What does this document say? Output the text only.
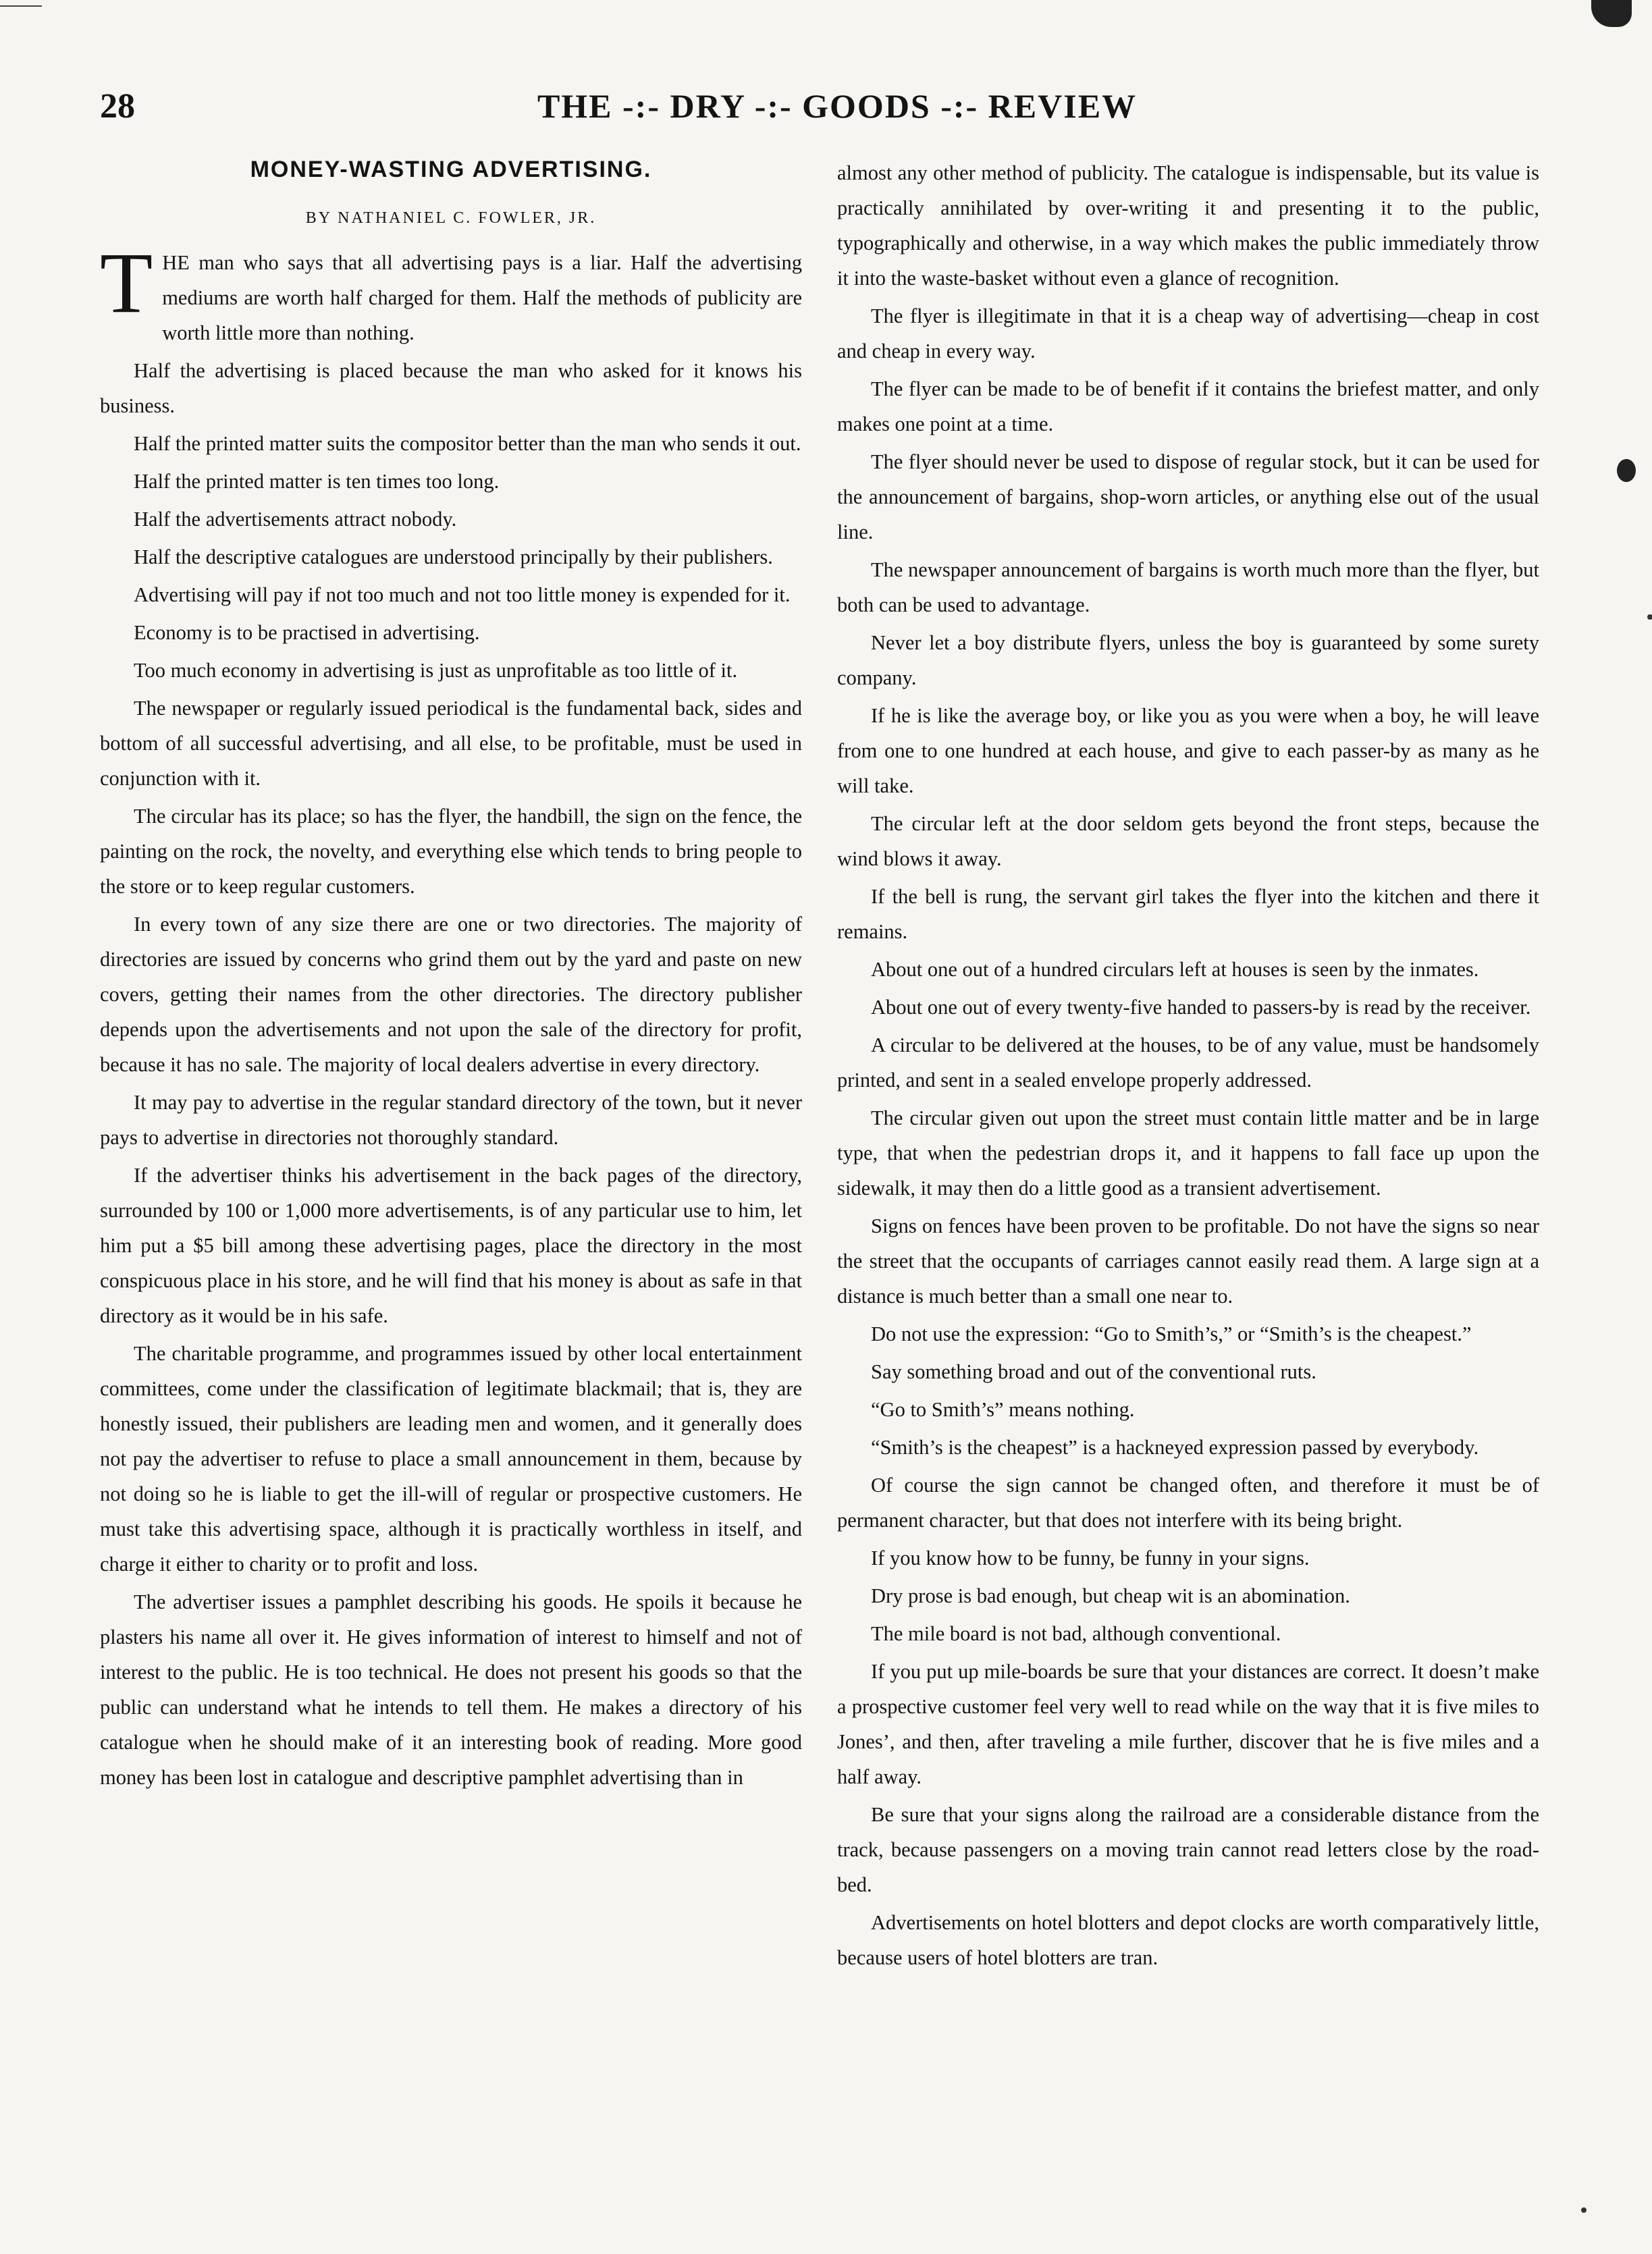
28	THE -:- DRY -:- GOODS -:- REVIEW
MONEY-WASTING ADVERTISING.
BY NATHANIEL C. FOWLER, JR.

THE man who says that all advertising pays is a liar. Half the advertising mediums are worth half charged for them. Half the methods of publicity are worth little more than nothing.

Half the advertising is placed because the man who asked for it knows his business.

Half the printed matter suits the compositor better than the man who sends it out.

Half the printed matter is ten times too long.

Half the advertisements attract nobody.

Half the descriptive catalogues are understood principally by their publishers.

Advertising will pay if not too much and not too little money is expended for it.

Economy is to be practised in advertising.

Too much economy in advertising is just as unprofitable as too little of it.

The newspaper or regularly issued periodical is the fundamental back, sides and bottom of all successful advertising, and all else, to be profitable, must be used in conjunction with it.

The circular has its place; so has the flyer, the handbill, the sign on the fence, the painting on the rock, the novelty, and everything else which tends to bring people to the store or to keep regular customers.

In every town of any size there are one or two directories. The majority of directories are issued by concerns who grind them out by the yard and paste on new covers, getting their names from the other directories. The directory publisher depends upon the advertisements and not upon the sale of the directory for profit, because it has no sale. The majority of local dealers advertise in every directory.

It may pay to advertise in the regular standard directory of the town, but it never pays to advertise in directories not thoroughly standard.

If the advertiser thinks his advertisement in the back pages of the directory, surrounded by 100 or 1,000 more advertisements, is of any particular use to him, let him put a $5 bill among these advertising pages, place the directory in the most conspicuous place in his store, and he will find that his money is about as safe in that directory as it would be in his safe.

The charitable programme, and programmes issued by other local entertainment committees, come under the classification of legitimate blackmail; that is, they are honestly issued, their publishers are leading men and women, and it generally does not pay the advertiser to refuse to place a small announcement in them, because by not doing so he is liable to get the ill-will of regular or prospective customers. He must take this advertising space, although it is practically worthless in itself, and charge it either to charity or to profit and loss.

The advertiser issues a pamphlet describing his goods. He spoils it because he plasters his name all over it. He gives information of interest to himself and not of interest to the public. He is too technical. He does not present his goods so that the public can understand what he intends to tell them. He makes a directory of his catalogue when he should make of it an interesting book of reading. More good money has been lost in catalogue and descriptive pamphlet advertising than in

almost any other method of publicity. The catalogue is indispensable, but its value is practically annihilated by over-writing it and presenting it to the public, typographically and otherwise, in a way which makes the public immediately throw it into the waste-basket without even a glance of recognition.

The flyer is illegitimate in that it is a cheap way of advertising—cheap in cost and cheap in every way.

The flyer can be made to be of benefit if it contains the briefest matter, and only makes one point at a time.

The flyer should never be used to dispose of regular stock, but it can be used for the announcement of bargains, shop-worn articles, or anything else out of the usual line.

The newspaper announcement of bargains is worth much more than the flyer, but both can be used to advantage.

Never let a boy distribute flyers, unless the boy is guaranteed by some surety company.

If he is like the average boy, or like you as you were when a boy, he will leave from one to one hundred at each house, and give to each passer-by as many as he will take.

The circular left at the door seldom gets beyond the front steps, because the wind blows it away.

If the bell is rung, the servant girl takes the flyer into the kitchen and there it remains.

About one out of a hundred circulars left at houses is seen by the inmates.

About one out of every twenty-five handed to passers-by is read by the receiver.

A circular to be delivered at the houses, to be of any value, must be handsomely printed, and sent in a sealed envelope properly addressed.

The circular given out upon the street must contain little matter and be in large type, that when the pedestrian drops it, and it happens to fall face up upon the sidewalk, it may then do a little good as a transient advertisement.

Signs on fences have been proven to be profitable. Do not have the signs so near the street that the occupants of carriages cannot easily read them. A large sign at a distance is much better than a small one near to.

Do not use the expression: “Go to Smith’s,” or “Smith’s is the cheapest.”

Say something broad and out of the conventional ruts.

“Go to Smith’s” means nothing.

“Smith’s is the cheapest” is a hackneyed expression passed by everybody.

Of course the sign cannot be changed often, and therefore it must be of permanent character, but that does not interfere with its being bright.

If you know how to be funny, be funny in your signs.

Dry prose is bad enough, but cheap wit is an abomination.

The mile board is not bad, although conventional.

If you put up mile-boards be sure that your distances are correct. It doesn’t make a prospective customer feel very well to read while on the way that it is five miles to Jones’, and then, after traveling a mile further, discover that he is five miles and a half away.

Be sure that your signs along the railroad are a considerable distance from the track, because passengers on a moving train cannot read letters close by the road-bed.

Advertisements on hotel blotters and depot clocks are worth comparatively little, because users of hotel blotters are tran.
